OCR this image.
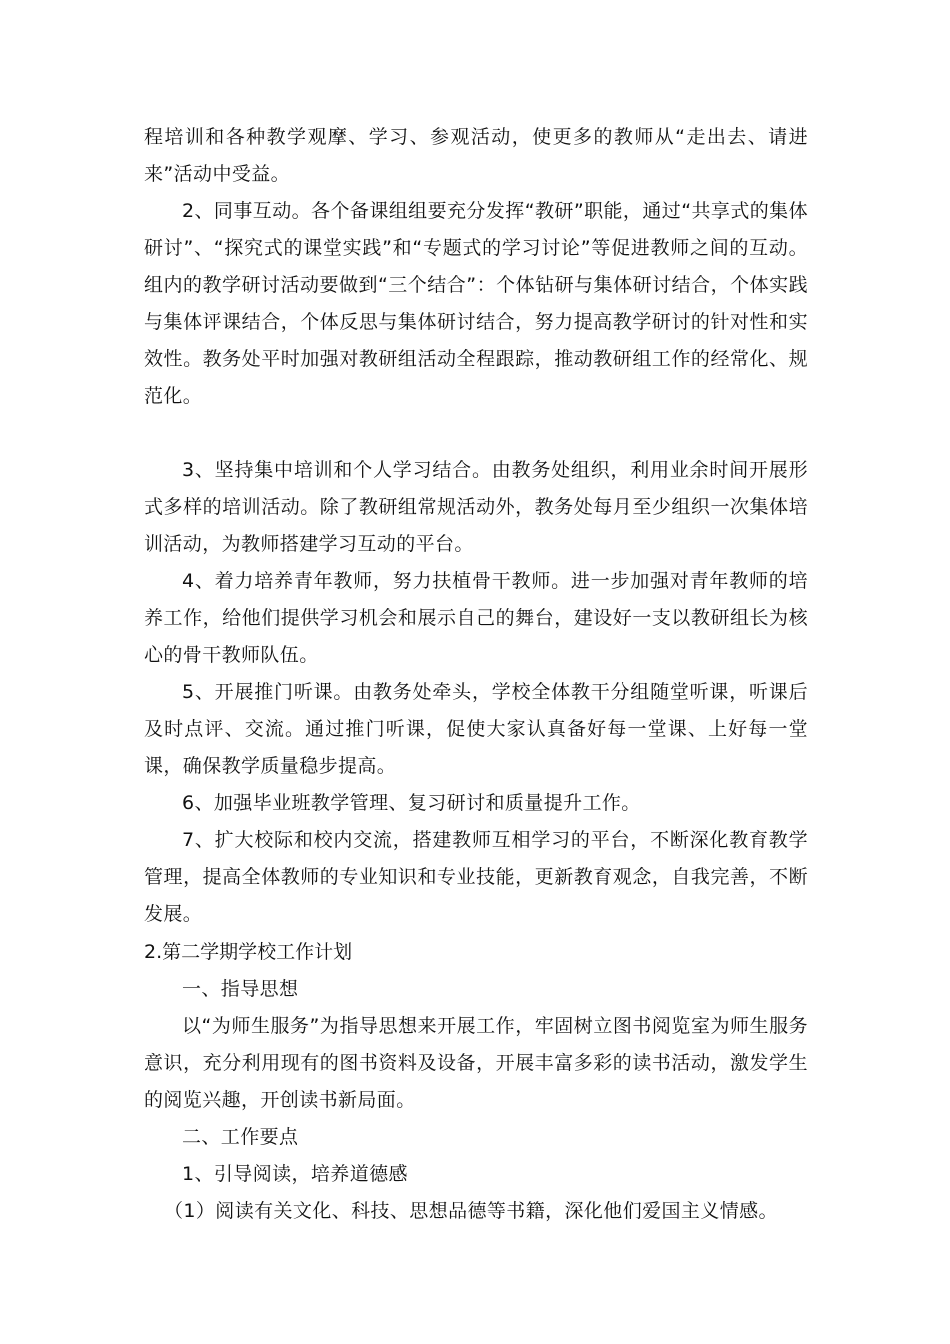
程培训和各种教学观摩、学习、参观活动，使更多的教师从“走出去、请进来”活动中受益。

2、同事互动。各个备课组组要充分发挥“教研”职能，通过“共享式的集体研讨”、“探究式的课堂实践”和“专题式的学习讨论”等促进教师之间的互动。组内的教学研讨活动要做到“三个结合”：个体钻研与集体研讨结合，个体实践与集体评课结合，个体反思与集体研讨结合，努力提高教学研讨的针对性和实效性。教务处平时加强对教研组活动全程跟踪，推动教研组工作的经常化、规范化。

3、坚持集中培训和个人学习结合。由教务处组织，利用业余时间开展形式多样的培训活动。除了教研组常规活动外，教务处每月至少组织一次集体培训活动，为教师搭建学习互动的平台。

4、着力培养青年教师，努力扶植骨干教师。进一步加强对青年教师的培养工作，给他们提供学习机会和展示自己的舞台，建设好一支以教研组长为核心的骨干教师队伍。

5、开展推门听课。由教务处牵头，学校全体教干分组随堂听课，听课后及时点评、交流。通过推门听课，促使大家认真备好每一堂课、上好每一堂课，确保教学质量稳步提高。

6、加强毕业班教学管理、复习研讨和质量提升工作。

7、扩大校际和校内交流，搭建教师互相学习的平台，不断深化教育教学管理，提高全体教师的专业知识和专业技能，更新教育观念，自我完善，不断发展。

2.第二学期学校工作计划

一、指导思想

以“为师生服务”为指导思想来开展工作，牢固树立图书阅览室为师生服务意识，充分利用现有的图书资料及设备，开展丰富多彩的读书活动，激发学生的阅览兴趣，开创读书新局面。

二、工作要点

1、引导阅读，培养道德感

（1）阅读有关文化、科技、思想品德等书籍，深化他们爱国主义情感。
